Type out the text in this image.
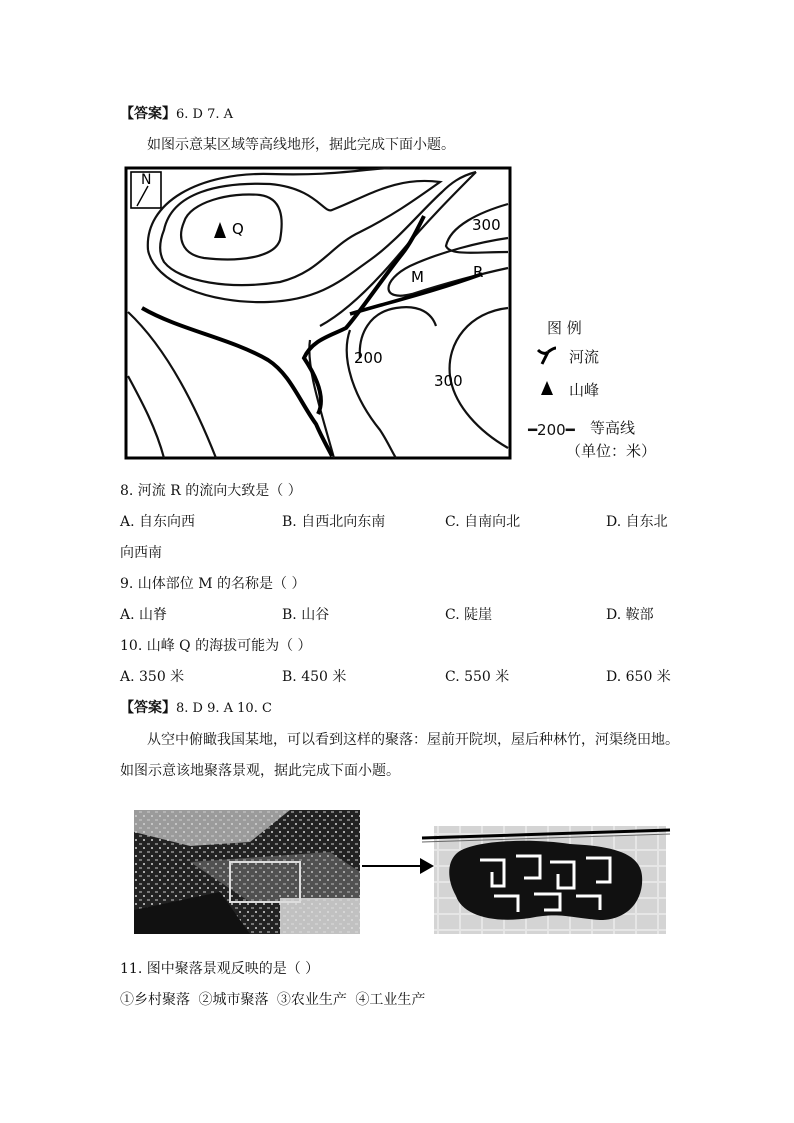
【答案】6. D 7. A
如图示意某区域等高线地形，据此完成下面小题。
N
Q
M	R
300
200
300
图 例
河流
山峰
━200━ 等高线
（单位：米）
8. 河流 R 的流向大致是（ ）
A. 自东向西	B. 自西北向东南	C. 自南向北	D. 自东北
向西南
9. 山体部位 M 的名称是（ ）
A. 山脊	B. 山谷	C. 陡崖	D. 鞍部
10. 山峰 Q 的海拔可能为（ ）
A. 350 米	B. 450 米	C. 550 米	D. 650 米
【答案】8. D 9. A 10. C
从空中俯瞰我国某地，可以看到这样的聚落：屋前开院坝，屋后种林竹，河渠绕田地。
如图示意该地聚落景观，据此完成下面小题。
11. 图中聚落景观反映的是（ ）
①乡村聚落 ②城市聚落 ③农业生产 ④工业生产
